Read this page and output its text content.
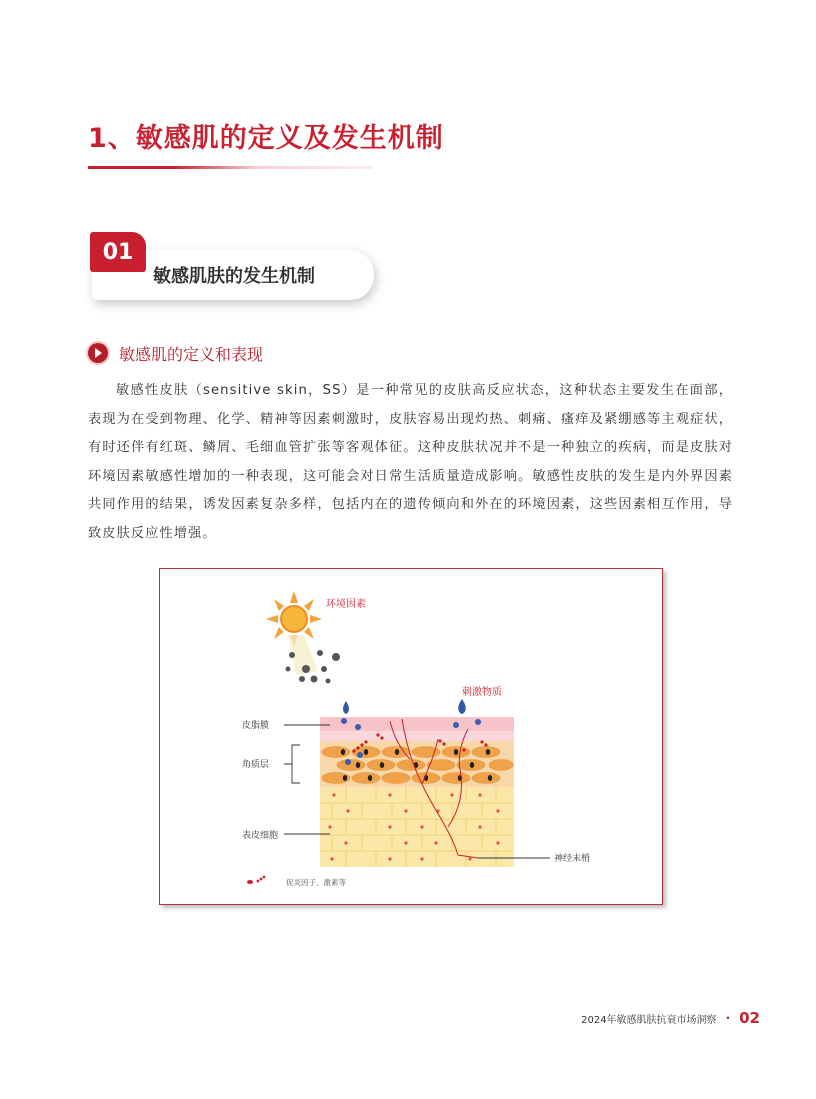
1、敏感肌的定义及发生机制
01
敏感肌肤的发生机制
敏感肌的定义和表现

敏感性皮肤（sensitive skin，SS）是一种常见的皮肤高反应状态，这种状态主要发生在面部，表现为在受到物理、化学、精神等因素刺激时，皮肤容易出现灼热、刺痛、瘙痒及紧绷感等主观症状，有时还伴有红斑、鳞屑、毛细血管扩张等客观体征。这种皮肤状况并不是一种独立的疾病，而是皮肤对环境因素敏感性增加的一种表现，这可能会对日常生活质量造成影响。敏感性皮肤的发生是内外界因素共同作用的结果，诱发因素复杂多样，包括内在的遗传倾向和外在的环境因素，这些因素相互作用，导致皮肤反应性增强。

环境因素
刺激物质
皮脂膜
角质层
表皮细胞
神经末梢
促炎因子、激素等
2024年敏感肌肤抗衰市场洞察 · 02
